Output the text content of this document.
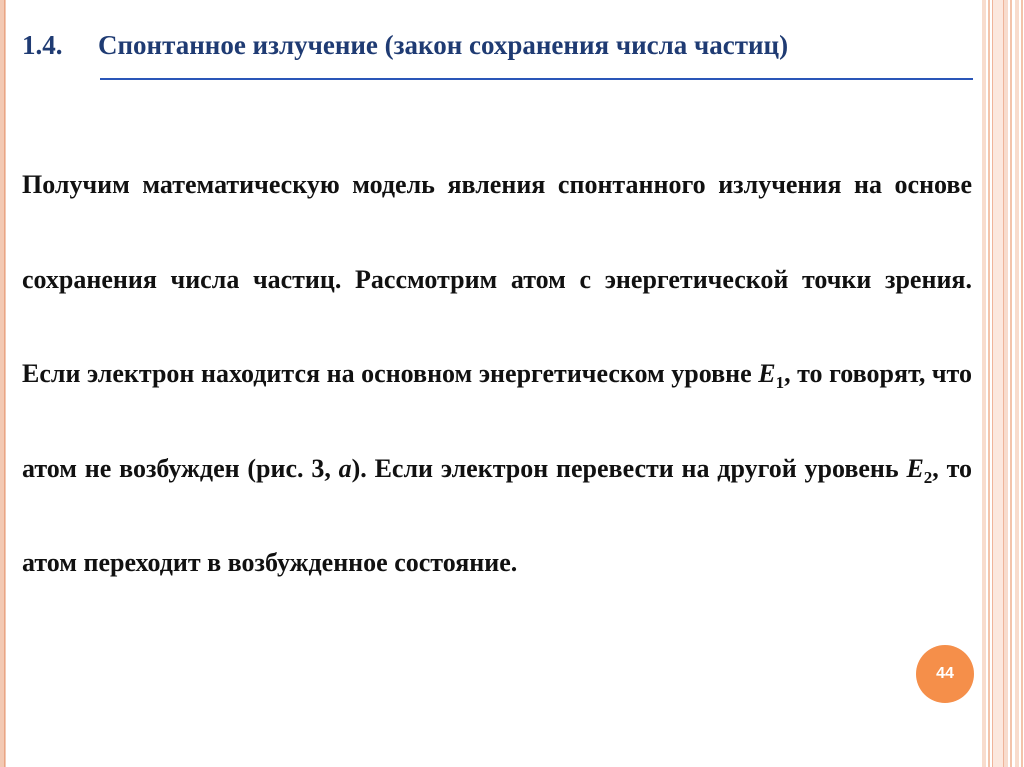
1.4. Спонтанное излучение (закон сохранения числа частиц)

Получим математическую модель явления спонтанного излучения на основе сохранения числа частиц. Рассмотрим атом с энергетической точки зрения. Если электрон находится на основном энергетическом уровне $E_1$, то говорят, что атом не возбужден (рис. 3, а). Если электрон перевести на другой уровень $E_2$, то атом переходит в возбужденное состояние.

44
